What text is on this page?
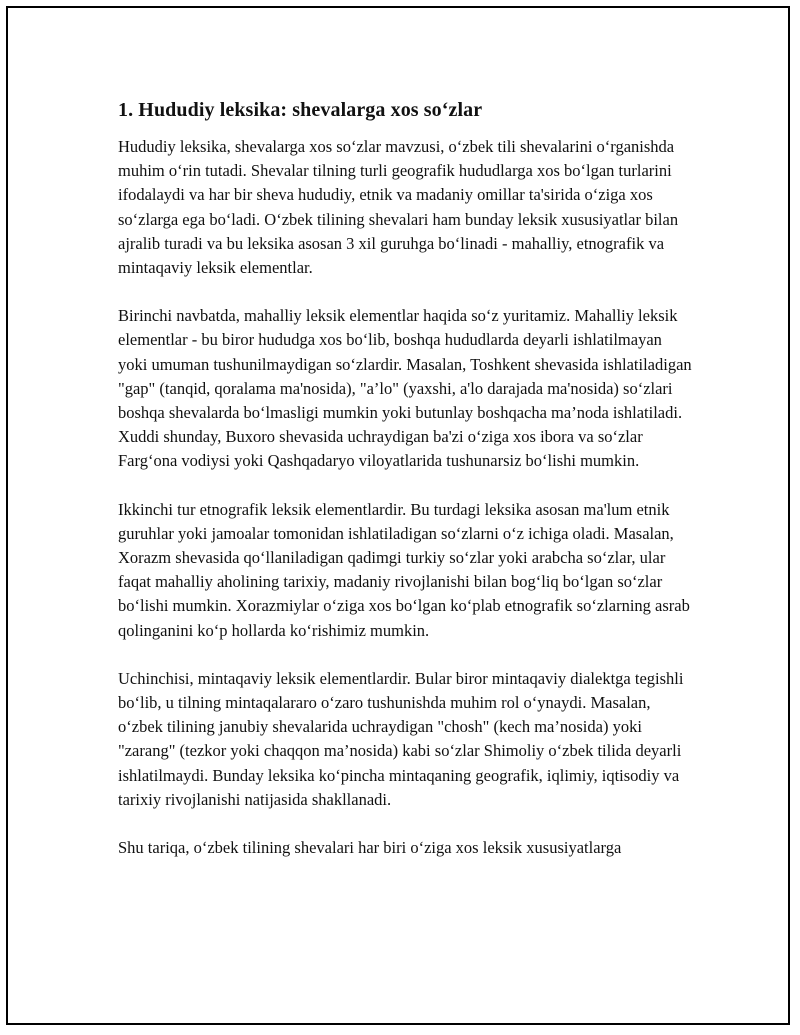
1. Hududiy leksika: shevalarga xos so‘zlar

Hududiy leksika, shevalarga xos so‘zlar mavzusi, o‘zbek tili shevalarini o‘rganishda muhim o‘rin tutadi. Shevalar tilning turli geografik hududlarga xos bo‘lgan turlarini ifodalaydi va har bir sheva hududiy, etnik va madaniy omillar ta'sirida o‘ziga xos so‘zlarga ega bo‘ladi. O‘zbek tilining shevalari ham bunday leksik xususiyatlar bilan ajralib turadi va bu leksika asosan 3 xil guruhga bo‘linadi - mahalliy, etnografik va mintaqaviy leksik elementlar.

Birinchi navbatda, mahalliy leksik elementlar haqida so‘z yuritamiz. Mahalliy leksik elementlar - bu biror hududga xos bo‘lib, boshqa hududlarda deyarli ishlatilmayan yoki umuman tushunilmaydigan so‘zlardir. Masalan, Toshkent shevasida ishlatiladigan "gap" (tanqid, qoralama ma'nosida), "a’lo" (yaxshi, a'lo darajada ma'nosida) so‘zlari boshqa shevalarda bo‘lmasligi mumkin yoki butunlay boshqacha ma’noda ishlatiladi. Xuddi shunday, Buxoro shevasida uchraydigan ba'zi o‘ziga xos ibora va so‘zlar Farg‘ona vodiysi yoki Qashqadaryo viloyatlarida tushunarsiz bo‘lishi mumkin.

Ikkinchi tur etnografik leksik elementlardir. Bu turdagi leksika asosan ma'lum etnik guruhlar yoki jamoalar tomonidan ishlatiladigan so‘zlarni o‘z ichiga oladi. Masalan, Xorazm shevasida qo‘llaniladigan qadimgi turkiy so‘zlar yoki arabcha so‘zlar, ular faqat mahalliy aholining tarixiy, madaniy rivojlanishi bilan bog‘liq bo‘lgan so‘zlar bo‘lishi mumkin. Xorazmiylar o‘ziga xos bo‘lgan ko‘plab etnografik so‘zlarning asrab qolinganini ko‘p hollarda ko‘rishimiz mumkin.

Uchinchisi, mintaqaviy leksik elementlardir. Bular biror mintaqaviy dialektga tegishli bo‘lib, u tilning mintaqalararo o‘zaro tushunishda muhim rol o‘ynaydi. Masalan, o‘zbek tilining janubiy shevalarida uchraydigan "chosh" (kech ma’nosida) yoki "zarang" (tezkor yoki chaqqon ma’nosida) kabi so‘zlar Shimoliy o‘zbek tilida deyarli ishlatilmaydi. Bunday leksika ko‘pincha mintaqaning geografik, iqlimiy, iqtisodiy va tarixiy rivojlanishi natijasida shakllanadi.

Shu tariqa, o‘zbek tilining shevalari har biri o‘ziga xos leksik xususiyatlarga
